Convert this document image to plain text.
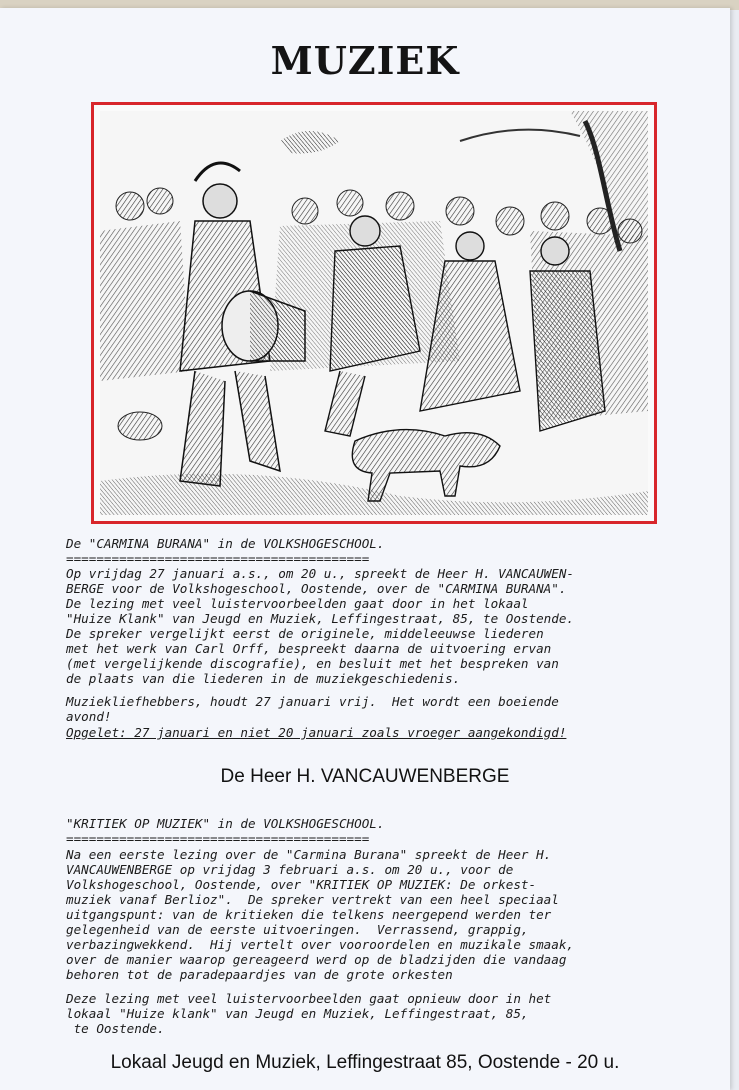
MUZIEK
De "CARMINA BURANA" in de VOLKSHOGESCHOOL.
========================================
Op vrijdag 27 januari a.s., om 20 u., spreekt de Heer H. VANCAUWEN-
BERGE voor de Volkshogeschool, Oostende, over de "CARMINA BURANA".
De lezing met veel luistervoorbeelden gaat door in het lokaal
"Huize Klank" van Jeugd en Muziek, Leffingestraat, 85, te Oostende.
De spreker vergelijkt eerst de originele, middeleeuwse liederen
met het werk van Carl Orff, bespreekt daarna de uitvoering ervan
(met vergelijkende discografie), en besluit met het bespreken van
de plaats van die liederen in de muziekgeschiedenis.
Muziekliefhebbers, houdt 27 januari vrij.  Het wordt een boeiende
avond!
Opgelet: 27 januari en niet 20 januari zoals vroeger aangekondigd!
De Heer H. VANCAUWENBERGE
"KRITIEK OP MUZIEK" in de VOLKSHOGESCHOOL.
========================================
Na een eerste lezing over de "Carmina Burana" spreekt de Heer H.
VANCAUWENBERGE op vrijdag 3 februari a.s. om 20 u., voor de
Volkshogeschool, Oostende, over "KRITIEK OP MUZIEK: De orkest-
muziek vanaf Berlioz".  De spreker vertrekt van een heel speciaal
uitgangspunt: van de kritieken die telkens neergepend werden ter
gelegenheid van de eerste uitvoeringen.  Verrassend, grappig,
verbazingwekkend.  Hij vertelt over vooroordelen en muzikale smaak,
over de manier waarop gereageerd werd op de bladzijden die vandaag
behoren tot de paradepaardjes van de grote orkesten
Deze lezing met veel luistervoorbeelden gaat opnieuw door in het
lokaal "Huize klank" van Jeugd en Muziek, Leffingestraat, 85,
te Oostende.
Lokaal Jeugd en Muziek, Leffingestraat 85, Oostende - 20 u.
